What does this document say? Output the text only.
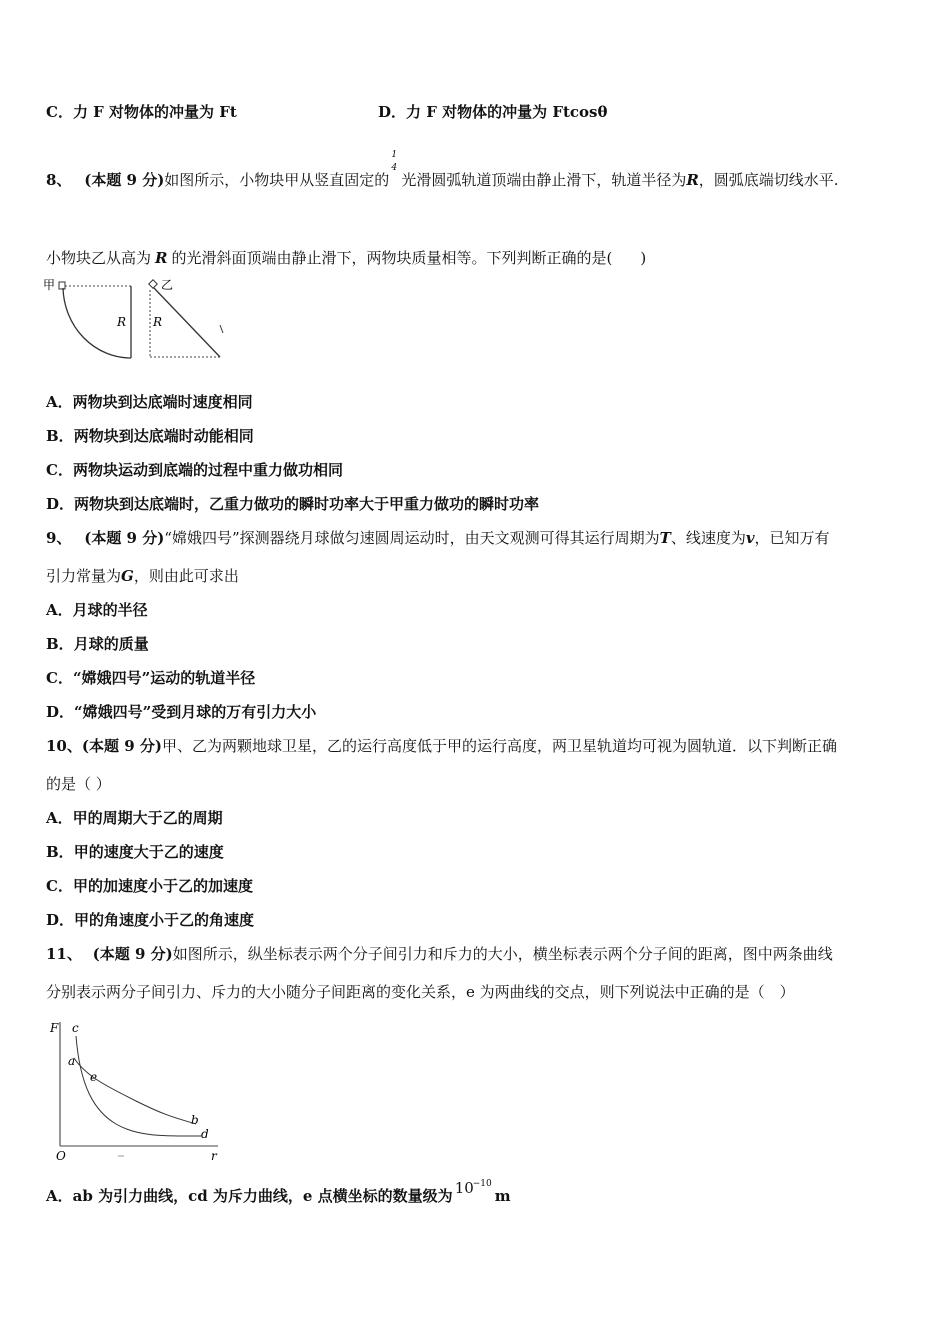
C．力 F 对物体的冲量为 Ft	D．力 F 对物体的冲量为 Ftcosθ
8、 (本题 9 分)如图所示，小物块甲从竖直固定的
1
4
光滑圆弧轨道顶端由静止滑下，轨道半径为R，圆弧底端切线水平.
小物块乙从高为 R 的光滑斜面顶端由静止滑下，两物块质量相等。下列判断正确的是( )
甲
R
乙
R
A．两物块到达底端时速度相同
B．两物块到达底端时动能相同
C．两物块运动到底端的过程中重力做功相同
D．两物块到达底端时，乙重力做功的瞬时功率大于甲重力做功的瞬时功率
9、 (本题 9 分)“嫦娥四号”探测器绕月球做匀速圆周运动时，由天文观测可得其运行周期为T、线速度为v，已知万有
引力常量为G，则由此可求出
A．月球的半径
B．月球的质量
C．“嫦娥四号”运动的轨道半径
D．“嫦娥四号”受到月球的万有引力大小
10、(本题 9 分)甲、乙为两颗地球卫星，乙的运行高度低于甲的运行高度，两卫星轨道均可视为圆轨道．以下判断正确
的是（ ）
A．甲的周期大于乙的周期
B．甲的速度大于乙的速度
C．甲的加速度小于乙的加速度
D．甲的角速度小于乙的角速度
11、 (本题 9 分)如图所示，纵坐标表示两个分子间引力和斥力的大小，横坐标表示两个分子间的距离，图中两条曲线
分别表示两分子间引力、斥力的大小随分子间距离的变化关系，e 为两曲线的交点，则下列说法中正确的是（　）
F c
a
e
b
d
O	r
A．ab 为引力曲线，cd 为斥力曲线，e 点横坐标的数量级为 10
−10
m
